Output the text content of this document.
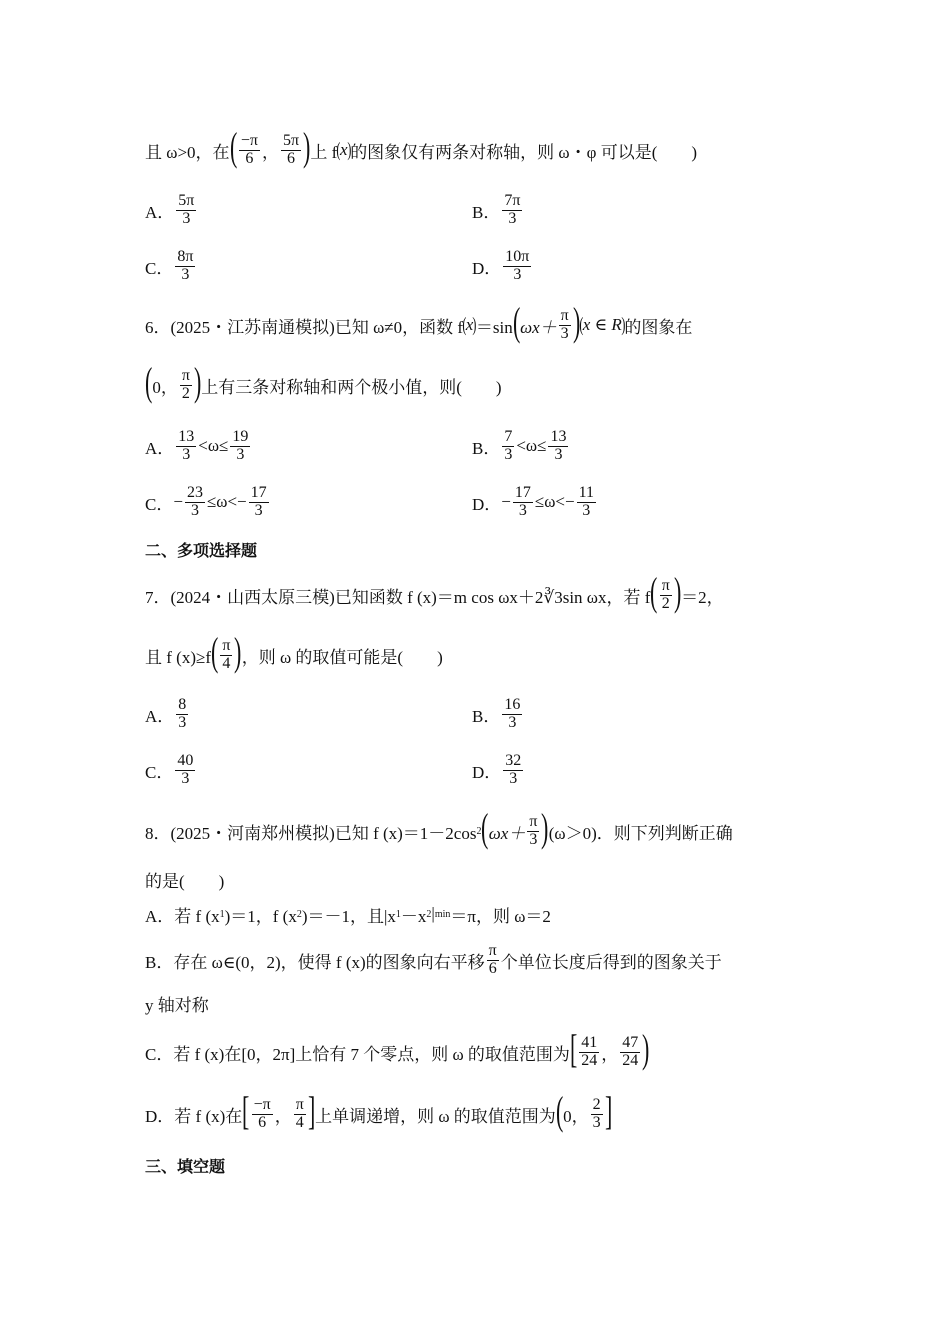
且 ω>0，在 ( $\frac{-\pi}{6}$ ， $\frac{5\pi}{6}$ ) 上 f ( x ) 的图象仅有两条对称轴，则 ω・φ 可以是(　　)
A． $\frac{5\pi}{3}$	B． $\frac{7\pi}{3}$
C． $\frac{8\pi}{3}$	D． $\frac{10\pi}{3}$
6．(2025・江苏南通模拟)已知 ω≠0，函数 f ( x ) ＝sin ( $\omega x+ \frac{\pi}{3}$ ) ( x ∈ R ) 的图象在
( 0， $\frac{\pi}{2}$ ) 上有三条对称轴和两个极小值，则(　　)
A． $\frac{13}{3} <\omega\le \frac{19}{3}$	B． $\frac{7}{3} <\omega\le \frac{13}{3}$
C． − $\frac{23}{3} \le\omega<- \frac{17}{3}$	D． − $\frac{17}{3} \le\omega<- \frac{11}{3}$
二、多项选择题
7．(2024・山西太原三模)已知函数 f (x)＝m cos ωx＋2∛3sin ωx，若 f ( $\frac{\pi}{2}$ ) ＝2，
且 f (x)≥f ( $\frac{\pi}{4}$ ) ，则 ω 的取值可能是(　　)
A． $\frac{8}{3}$	B． $\frac{16}{3}$
C． $\frac{40}{3}$	D． $\frac{32}{3}$
8．(2025・河南郑州模拟)已知 f (x)＝1－2cos 2 ( $\omega x+ \frac{\pi}{3}$ ) (ω＞0)．则下列判断正确
的是(　　)
A．若 f (x 1 )＝1，f (x 2 )＝－1，且|x 1 －x 2 | min ＝π，则 ω＝2
B．存在 ω∈(0，2)，使得 f (x)的图象向右平移 $\frac{\pi}{6}$ 个单位长度后得到的图象关于
y 轴对称
C．若 f (x)在[0，2π]上恰有 7 个零点，则 ω 的取值范围为 [ $\frac{41}{24}$ ， $\frac{47}{24}$ )
D．若 f (x)在 [ $\frac{-\pi}{6}$ ， $\frac{\pi}{4}$ ] 上单调递增，则 ω 的取值范围为 ( 0， $\frac{2}{3}$ ]
三、填空题
